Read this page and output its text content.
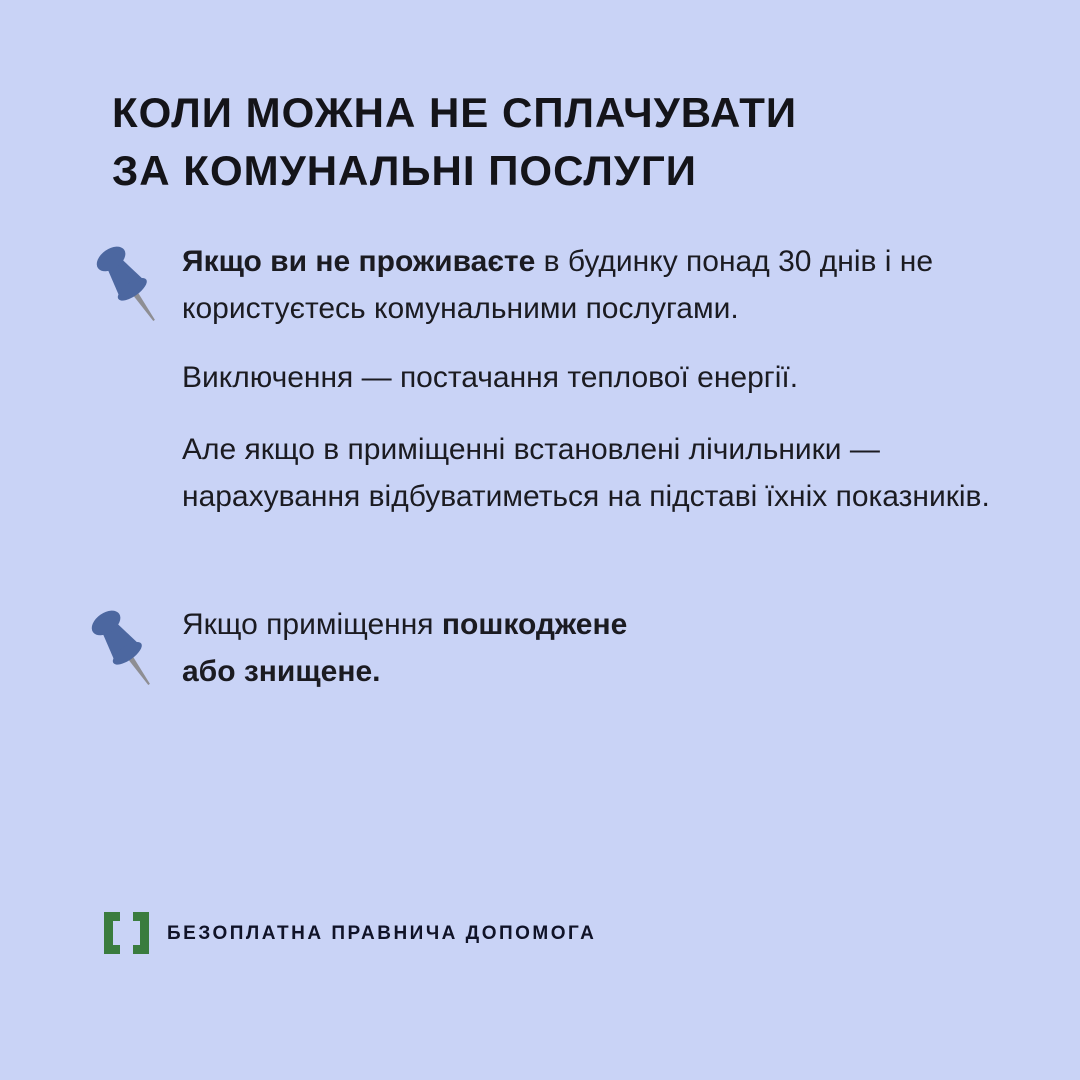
КОЛИ МОЖНА НЕ СПЛАЧУВАТИ
ЗА КОМУНАЛЬНІ ПОСЛУГИ

Якщо ви не проживаєте в будинку понад 30 днів і не користуєтесь комунальними послугами.

Виключення — постачання теплової енергії.

Але якщо в приміщенні встановлені лічильники — нарахування відбуватиметься на підставі їхніх показників.

Якщо приміщення пошкоджене або знищене.

БЕЗОПЛАТНА ПРАВНИЧА ДОПОМОГА
